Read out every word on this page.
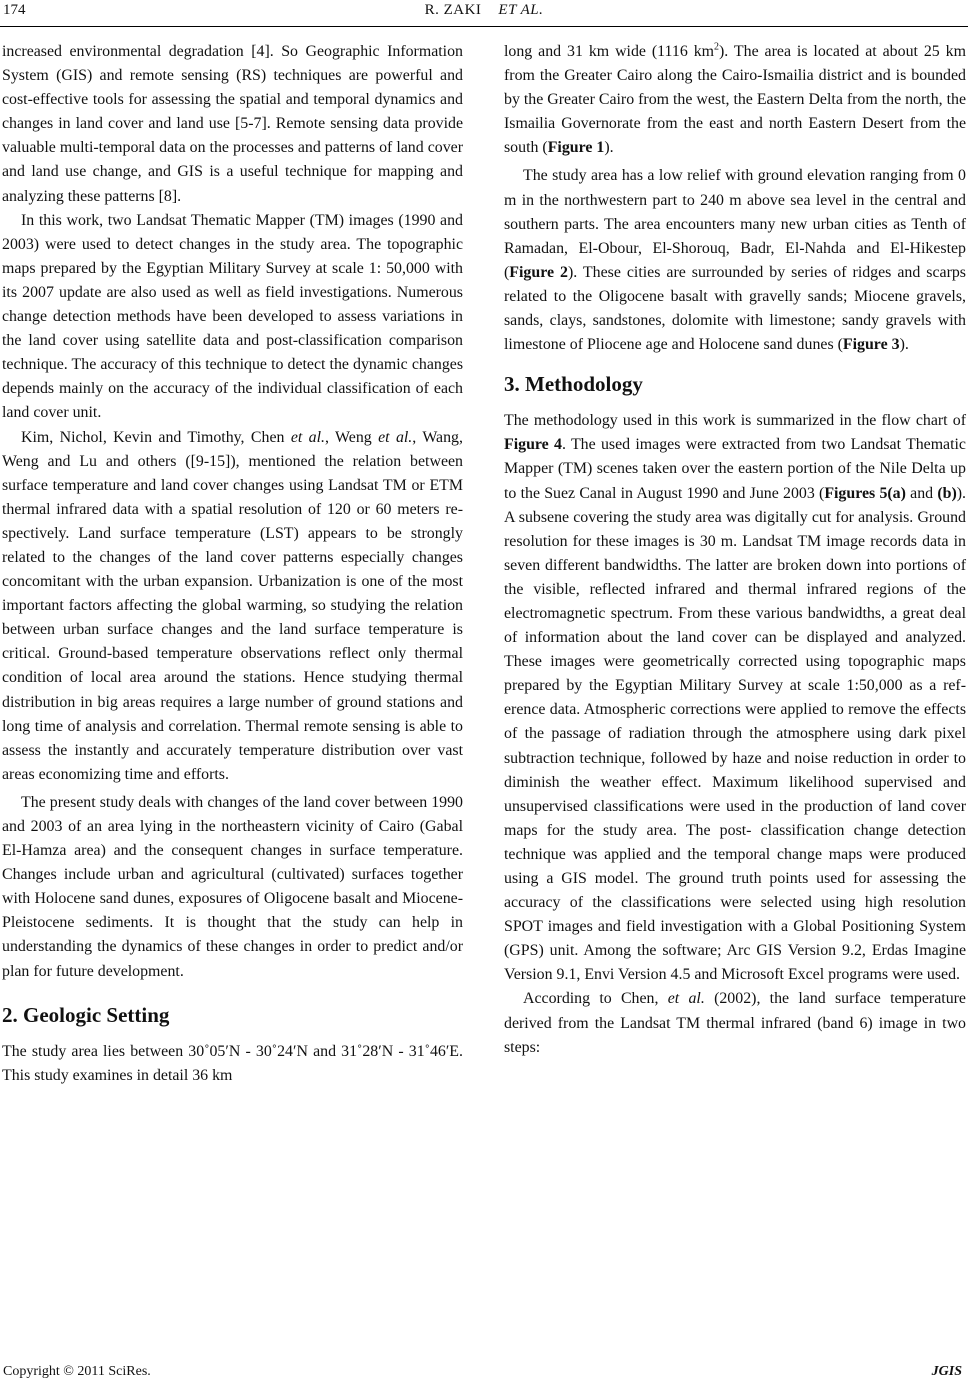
174	R. ZAKI ET AL.

increased environmental degradation [4]. So Geographic Information System (GIS) and remote sensing (RS) techniques are powerful and cost-effective tools for assessing the spatial and temporal dynamics and changes in land cover and land use [5-7]. Remote sensing data provide valuable multi-temporal data on the processes and patterns of land cover and land use change, and GIS is a useful technique for mapping and analyzing these patterns [8].

In this work, two Landsat Thematic Mapper (TM) images (1990 and 2003) were used to detect changes in the study area. The topographic maps prepared by the Egyptian Military Survey at scale 1: 50,000 with its 2007 update are also used as well as field investigations. Numerous change detection methods have been developed to assess variations in the land cover using satellite data and post-classification comparison technique. The accuracy of this technique to detect the dynamic changes depends mainly on the accuracy of the individual classification of each land cover unit.

Kim, Nichol, Kevin and Timothy, Chen et al., Weng et al., Wang, Weng and Lu and others ([9-15]), mentioned the relation between surface temperature and land cover changes using Landsat TM or ETM thermal infrared data with a spatial resolution of 120 or 60 meters respectively. Land surface temperature (LST) appears to be strongly related to the changes of the land cover patterns especially changes concomitant with the urban expansion. Urbanization is one of the most important factors affecting the global warming, so studying the relation between urban surface changes and the land surface temperature is critical. Ground-based temperature observations reflect only thermal condition of local area around the stations. Hence studying thermal distribution in big areas requires a large number of ground stations and long time of analysis and correlation. Thermal remote sensing is able to assess the instantly and accurately temperature distribution over vast areas economizing time and efforts.

The present study deals with changes of the land cover between 1990 and 2003 of an area lying in the northeastern vicinity of Cairo (Gabal El-Hamza area) and the consequent changes in surface temperature. Changes include urban and agricultural (cultivated) surfaces together with Holocene sand dunes, exposures of Oligocene basalt and Miocene-Pleistocene sediments. It is thought that the study can help in understanding the dynamics of these changes in order to predict and/or plan for future development.

2. Geologic Setting

The study area lies between 30˚05′N - 30˚24′N and 31˚28′N - 31˚46′E. This study examines in detail 36 km

long and 31 km wide (1116 $km^2$). The area is located at about 25 km from the Greater Cairo along the Cairo-Ismailia district and is bounded by the Greater Cairo from the west, the Eastern Delta from the north, the Ismailia Governorate from the east and north Eastern Desert from the south (Figure 1).

The study area has a low relief with ground elevation ranging from 0 m in the northwestern part to 240 m above sea level in the central and southern parts. The area encounters many new urban cities as Tenth of Ramadan, El-Obour, El-Shorouq, Badr, El-Nahda and El-Hikestep (Figure 2). These cities are surrounded by series of ridges and scarps related to the Oligocene basalt with gravelly sands; Miocene gravels, sands, clays, sandstones, dolomite with limestone; sandy gravels with limestone of Pliocene age and Holocene sand dunes (Figure 3).

3. Methodology

The methodology used in this work is summarized in the flow chart of Figure 4. The used images were extracted from two Landsat Thematic Mapper (TM) scenes taken over the eastern portion of the Nile Delta up to the Suez Canal in August 1990 and June 2003 (Figures 5(a) and (b)). A subsene covering the study area was digitally cut for analysis. Ground resolution for these images is 30 m. Landsat TM image records data in seven different bandwidths. The latter are broken down into portions of the visible, reflected infrared and thermal infrared regions of the electromagnetic spectrum. From these various bandwidths, a great deal of information about the land cover can be displayed and analyzed. These images were geometrically corrected using topographic maps prepared by the Egyptian Military Survey at scale 1:50,000 as a reference data. Atmospheric corrections were applied to remove the effects of the passage of radiation through the atmosphere using dark pixel subtraction technique, followed by haze and noise reduction in order to diminish the weather effect. Maximum likelihood supervised and unsupervised classifications were used in the production of land cover maps for the study area. The post- classification change detection technique was applied and the temporal change maps were produced using a GIS model. The ground truth points used for assessing the accuracy of the classifications were selected using high resolution SPOT images and field investigation with a Global Positioning System (GPS) unit. Among the software; Arc GIS Version 9.2, Erdas Imagine Version 9.1, Envi Version 4.5 and Microsoft Excel programs were used.

According to Chen, et al. (2002), the land surface temperature derived from the Landsat TM thermal infrared (band 6) image in two steps:

Copyright © 2011 SciRes.	JGIS
